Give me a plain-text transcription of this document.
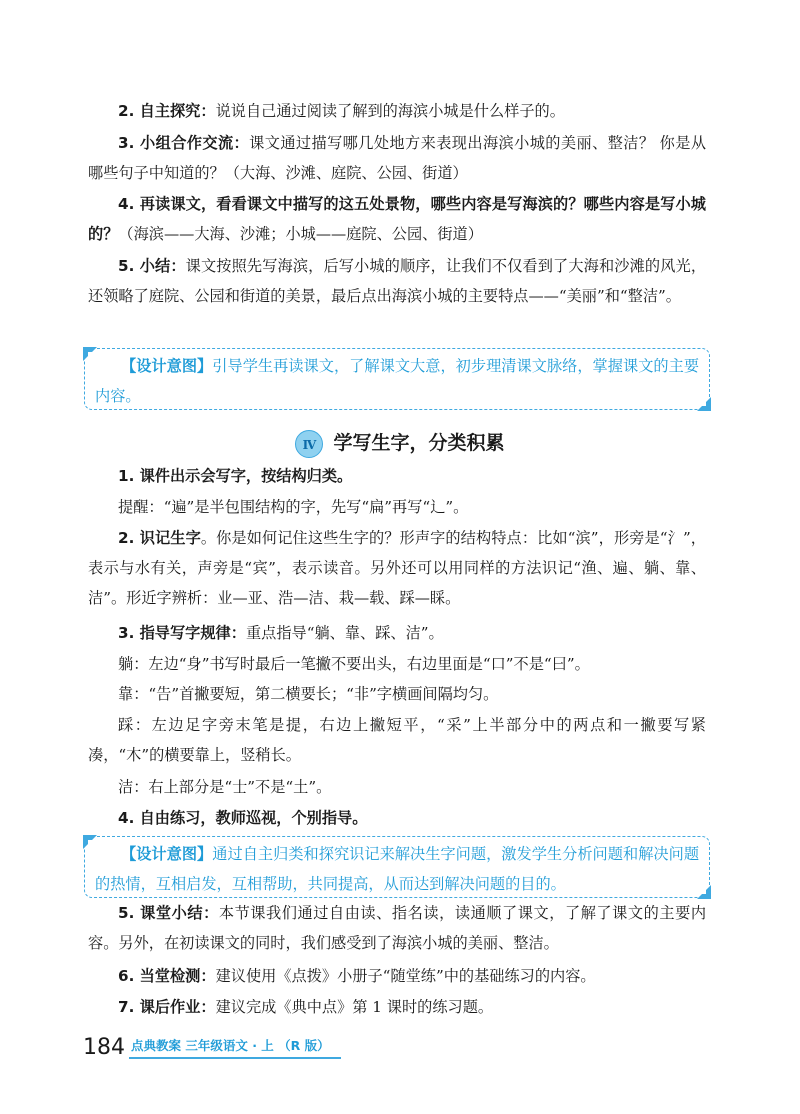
2. 自主探究：说说自己通过阅读了解到的海滨小城是什么样子的。
3. 小组合作交流：课文通过描写哪几处地方来表现出海滨小城的美丽、整洁？ 你是从哪些句子中知道的？（大海、沙滩、庭院、公园、街道）
4. 再读课文，看看课文中描写的这五处景物，哪些内容是写海滨的？哪些内容是写小城的？（海滨——大海、沙滩；小城——庭院、公园、街道）
5. 小结：课文按照先写海滨，后写小城的顺序，让我们不仅看到了大海和沙滩的风光，还领略了庭院、公园和街道的美景，最后点出海滨小城的主要特点——“美丽”和“整洁”。
【设计意图】引导学生再读课文，了解课文大意，初步理清课文脉络，掌握课文的主要内容。
Ⅳ 学写生字，分类积累
1. 课件出示会写字，按结构归类。
提醒：“遍”是半包围结构的字，先写“扁”再写“辶”。
2. 识记生字。你是如何记住这些生字的？形声字的结构特点：比如“滨”，形旁是“氵”，表示与水有关，声旁是“宾”，表示读音。另外还可以用同样的方法识记“渔、遍、躺、靠、洁”。形近字辨析：业—亚、浩—洁、栽—载、踩—睬。
3. 指导写字规律：重点指导“躺、靠、踩、洁”。
躺：左边“身”书写时最后一笔撇不要出头，右边里面是“口”不是“曰”。
靠：“告”首撇要短，第二横要长；“非”字横画间隔均匀。
踩：左边足字旁末笔是提，右边上撇短平，“采”上半部分中的两点和一撇要写紧凑，“木”的横要靠上，竖稍长。
洁：右上部分是“士”不是“土”。
4. 自由练习，教师巡视，个别指导。
【设计意图】通过自主归类和探究识记来解决生字问题，激发学生分析问题和解决问题的热情，互相启发，互相帮助，共同提高，从而达到解决问题的目的。
5. 课堂小结：本节课我们通过自由读、指名读，读通顺了课文，了解了课文的主要内容。另外，在初读课文的同时，我们感受到了海滨小城的美丽、整洁。
6. 当堂检测：建议使用《点拨》小册子“随堂练”中的基础练习的内容。
7. 课后作业：建议完成《典中点》第 1 课时的练习题。
184 点典教案 三年级语文 · 上 （R 版）
